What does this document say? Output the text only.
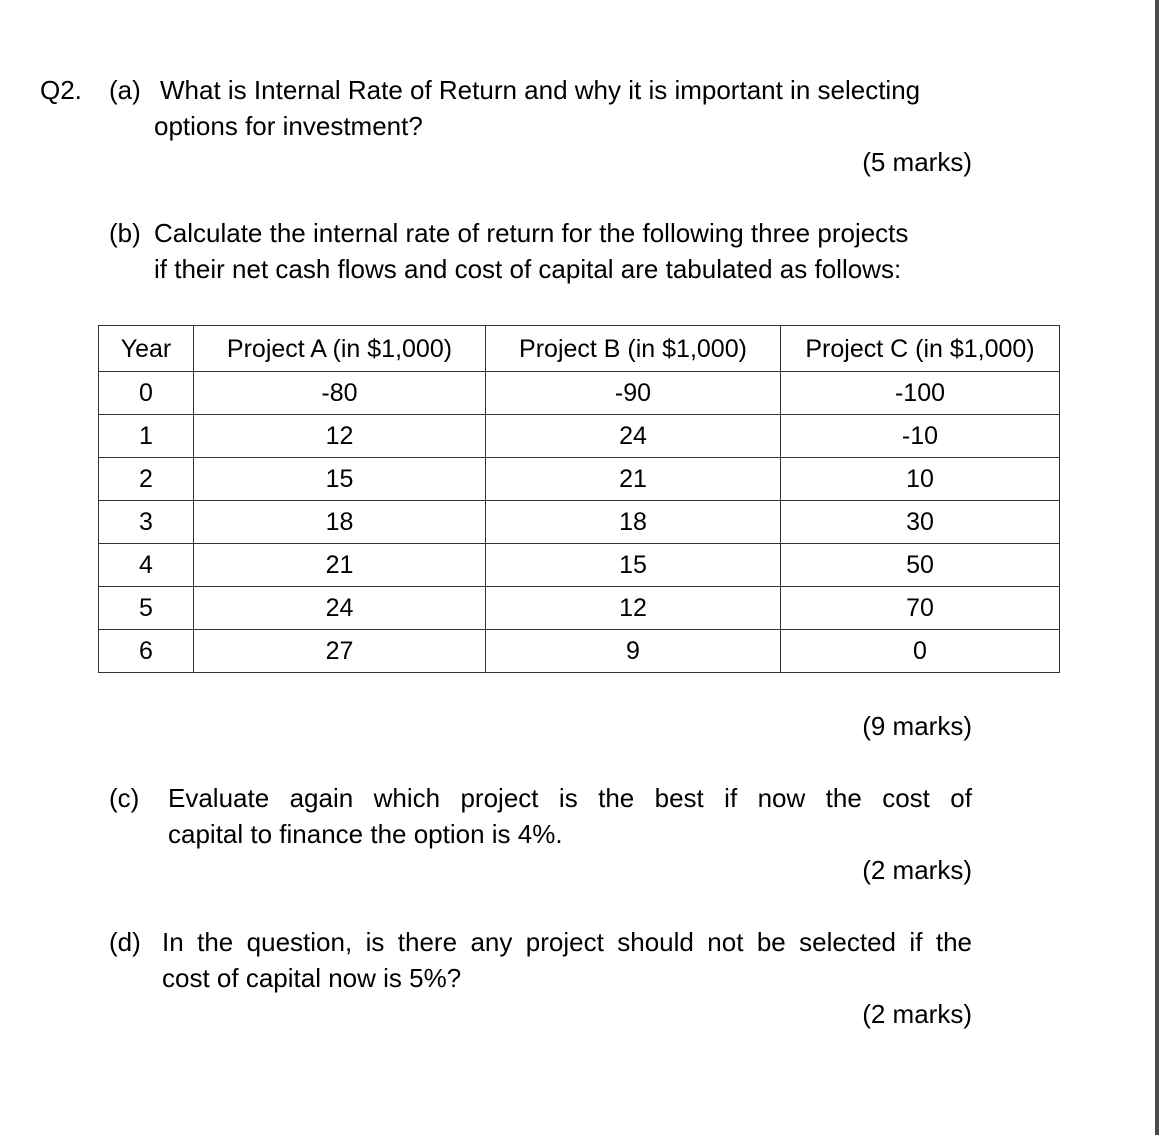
Q2. (a) What is Internal Rate of Return and why it is important in selecting
options for investment?
(5 marks)
(b) Calculate the internal rate of return for the following three projects
if their net cash flows and cost of capital are tabulated as follows:
Year	Project A (in $1,000)	Project B (in $1,000)	Project C (in $1,000)
0	-80	-90	-100
1	12	24	-10
2	15	21	10
3	18	18	30
4	21	15	50
5	24	12	70
6	27	9	0
(9 marks)
(c) Evaluate again which project is the best if now the cost of
capital to finance the option is 4%.
(2 marks)
(d) In the question, is there any project should not be selected if the
cost of capital now is 5%?
(2 marks)
